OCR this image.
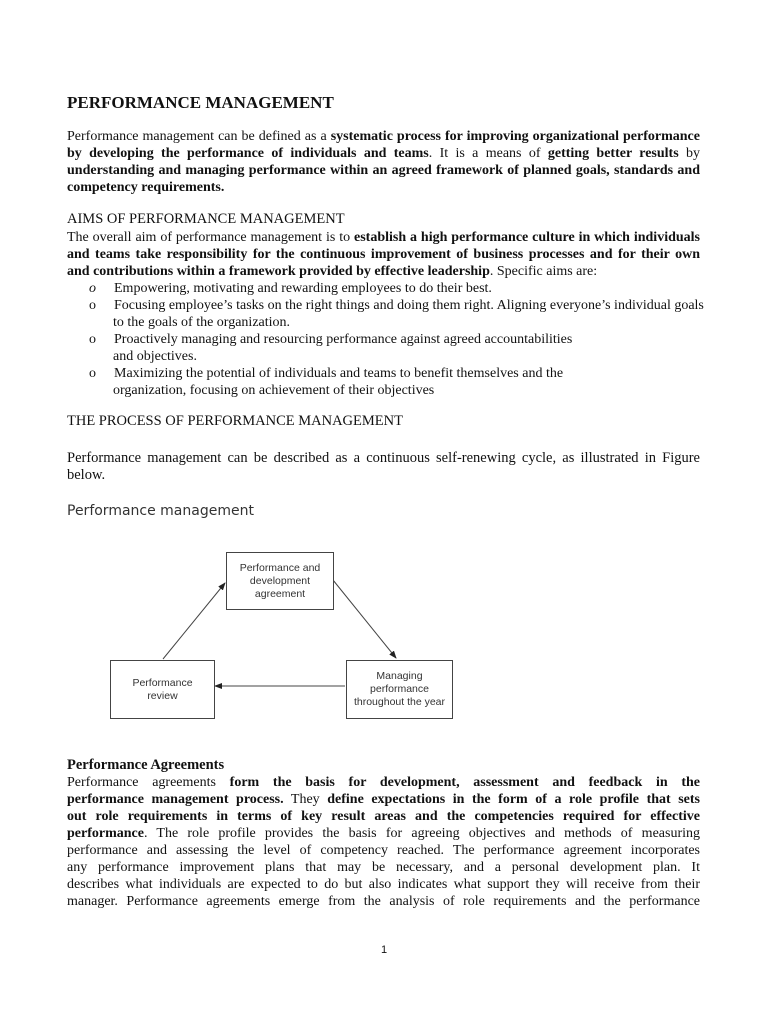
PERFORMANCE MANAGEMENT
Performance management can be defined as a systematic process for improving organizational performance
by developing the performance of individuals and teams. It is a means of getting better results by
understanding and managing performance within an agreed framework of planned goals, standards and
competency requirements.
AIMS OF PERFORMANCE MANAGEMENT
The overall aim of performance management is to establish a high performance culture in which individuals
and teams take responsibility for the continuous improvement of business processes and for their own
and contributions within a framework provided by effective leadership. Specific aims are:
o Empowering, motivating and rewarding employees to do their best.
o Focusing employee’s tasks on the right things and doing them right. Aligning everyone’s individual goals
to the goals of the organization.
o Proactively managing and resourcing performance against agreed accountabilities
and objectives.
o Maximizing the potential of individuals and teams to benefit themselves and the
organization, focusing on achievement of their objectives
THE PROCESS OF PERFORMANCE MANAGEMENT
Performance management can be described as a continuous self-renewing cycle, as illustrated in Figure
below.
Performance management
Performance and
development
agreement
Performance
review
Managing
performance
throughout the year
Performance Agreements
Performance agreements form the basis for development, assessment and feedback in the
performance management process. They define expectations in the form of a role profile that sets
out role requirements in terms of key result areas and the competencies required for effective
performance. The role profile provides the basis for agreeing objectives and methods of measuring
performance and assessing the level of competency reached. The performance agreement incorporates
any performance improvement plans that may be necessary, and a personal development plan. It
describes what individuals are expected to do but also indicates what support they will receive from their
manager. Performance agreements emerge from the analysis of role requirements and the performance
1
